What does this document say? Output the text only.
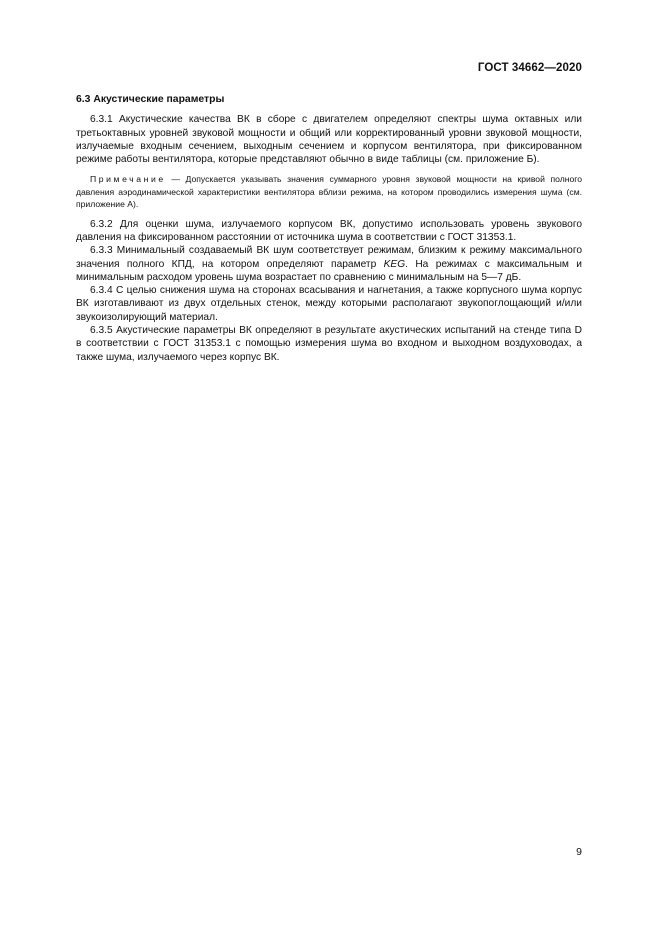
ГОСТ 34662—2020
6.3 Акустические параметры

6.3.1 Акустические качества ВК в сборе с двигателем определяют спектры шума октавных или третьоктавных уровней звуковой мощности и общий или корректированный уровни звуковой мощности, излучаемые входным сечением, выходным сечением и корпусом вентилятора, при фиксированном режиме работы вентилятора, которые представляют обычно в виде таблицы (см. приложение Б).

Примечание — Допускается указывать значения суммарного уровня звуковой мощности на кривой полного давления аэродинамической характеристики вентилятора вблизи режима, на котором проводились измерения шума (см. приложение А).

6.3.2 Для оценки шума, излучаемого корпусом ВК, допустимо использовать уровень звукового давления на фиксированном расстоянии от источника шума в соответствии с ГОСТ 31353.1.

6.3.3 Минимальный создаваемый ВК шум соответствует режимам, близким к режиму максимального значения полного КПД, на котором определяют параметр KEG. На режимах с максимальным и минимальным расходом уровень шума возрастает по сравнению с минимальным на 5—7 дБ.

6.3.4 С целью снижения шума на сторонах всасывания и нагнетания, а также корпусного шума корпус ВК изготавливают из двух отдельных стенок, между которыми располагают звукопоглощающий и/или звукоизолирующий материал.

6.3.5 Акустические параметры ВК определяют в результате акустических испытаний на стенде типа D в соответствии с ГОСТ 31353.1 с помощью измерения шума во входном и выходном воздуховодах, а также шума, излучаемого через корпус ВК.

9
